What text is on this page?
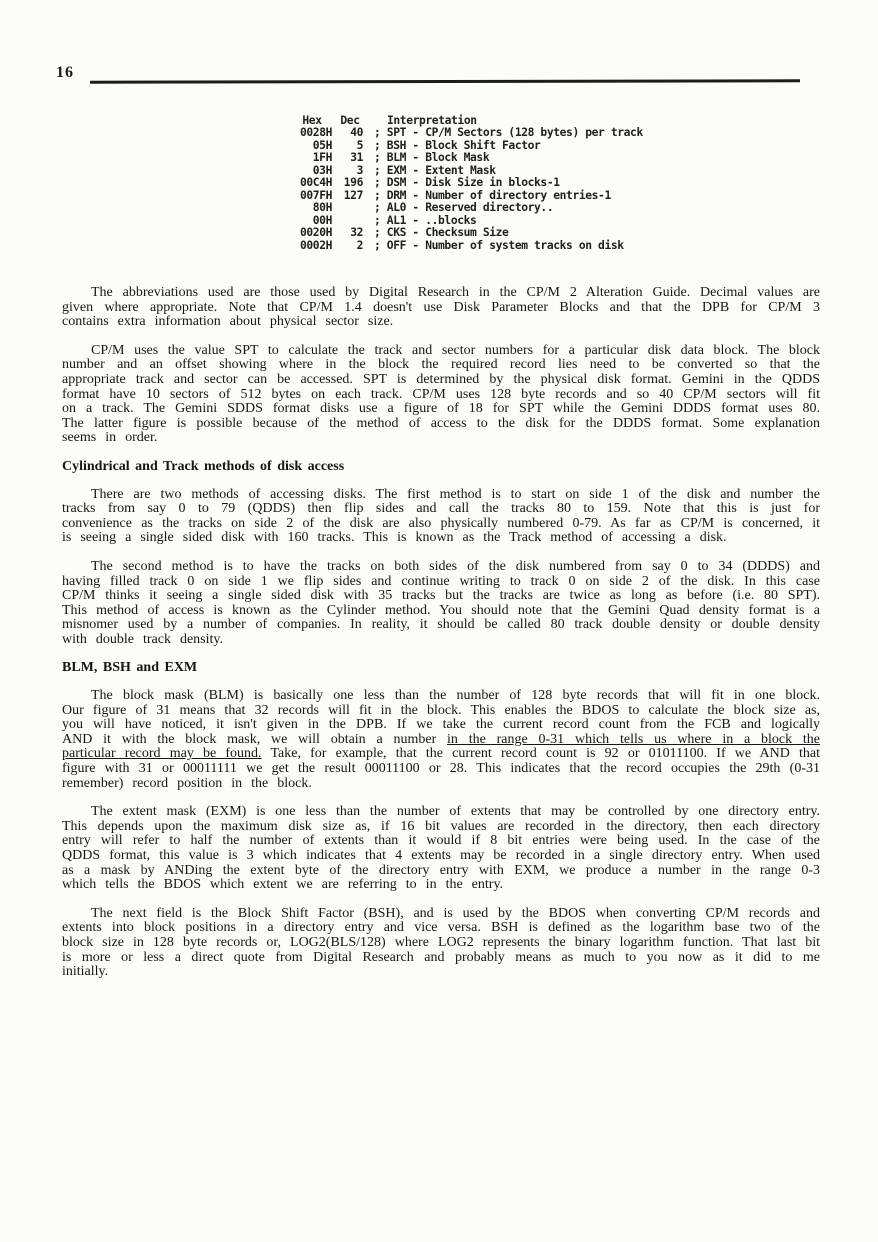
16
Hex	Dec	Interpretation
0028H	40 ; SPT - CP/M Sectors (128 bytes) per track
05H	5 ; BSH - Block Shift Factor
1FH	31 ; BLM - Block Mask
03H	3 ; EXM - Extent Mask
00C4H	196 ; DSM - Disk Size in blocks-1
007FH	127 ; DRM - Number of directory entries-1
80H	; AL0 - Reserved directory..
00H	; AL1 - ..blocks
0020H	32 ; CKS - Checksum Size
0002H	2 ; OFF - Number of system tracks on disk

The abbreviations used are those used by Digital Research in the CP/M 2 Alteration Guide. Decimal values are given where appropriate. Note that CP/M 1.4 doesn't use Disk Parameter Blocks and that the DPB for CP/M 3 contains extra information about physical sector size.

CP/M uses the value SPT to calculate the track and sector numbers for a particular disk data block. The block number and an offset showing where in the block the required record lies need to be converted so that the appropriate track and sector can be accessed. SPT is determined by the physical disk format. Gemini in the QDDS format have 10 sectors of 512 bytes on each track. CP/M uses 128 byte records and so 40 CP/M sectors will fit on a track. The Gemini SDDS format disks use a figure of 18 for SPT while the Gemini DDDS format uses 80. The latter figure is possible because of the method of access to the disk for the DDDS format. Some explanation seems in order.

Cylindrical and Track methods of disk access

There are two methods of accessing disks. The first method is to start on side 1 of the disk and number the tracks from say 0 to 79 (QDDS) then flip sides and call the tracks 80 to 159. Note that this is just for convenience as the tracks on side 2 of the disk are also physically numbered 0-79. As far as CP/M is concerned, it is seeing a single sided disk with 160 tracks. This is known as the Track method of accessing a disk.

The second method is to have the tracks on both sides of the disk numbered from say 0 to 34 (DDDS) and having filled track 0 on side 1 we flip sides and continue writing to track 0 on side 2 of the disk. In this case CP/M thinks it seeing a single sided disk with 35 tracks but the tracks are twice as long as before (i.e. 80 SPT). This method of access is known as the Cylinder method. You should note that the Gemini Quad density format is a misnomer used by a number of companies. In reality, it should be called 80 track double density or double density with double track density.

BLM, BSH and EXM

The block mask (BLM) is basically one less than the number of 128 byte records that will fit in one block. Our figure of 31 means that 32 records will fit in the block. This enables the BDOS to calculate the block size as, you will have noticed, it isn't given in the DPB. If we take the current record count from the FCB and logically AND it with the block mask, we will obtain a number in the range 0-31 which tells us where in a block the particular record may be found. Take, for example, that the current record count is 92 or 01011100. If we AND that figure with 31 or 00011111 we get the result 00011100 or 28. This indicates that the record occupies the 29th (0-31 remember) record position in the block.

The extent mask (EXM) is one less than the number of extents that may be controlled by one directory entry. This depends upon the maximum disk size as, if 16 bit values are recorded in the directory, then each directory entry will refer to half the number of extents than it would if 8 bit entries were being used. In the case of the QDDS format, this value is 3 which indicates that 4 extents may be recorded in a single directory entry. When used as a mask by ANDing the extent byte of the directory entry with EXM, we produce a number in the range 0-3 which tells the BDOS which extent we are referring to in the entry.

The next field is the Block Shift Factor (BSH), and is used by the BDOS when converting CP/M records and extents into block positions in a directory entry and vice versa. BSH is defined as the logarithm base two of the block size in 128 byte records or, LOG2(BLS/128) where LOG2 represents the binary logarithm function. That last bit is more or less a direct quote from Digital Research and probably means as much to you now as it did to me initially.
